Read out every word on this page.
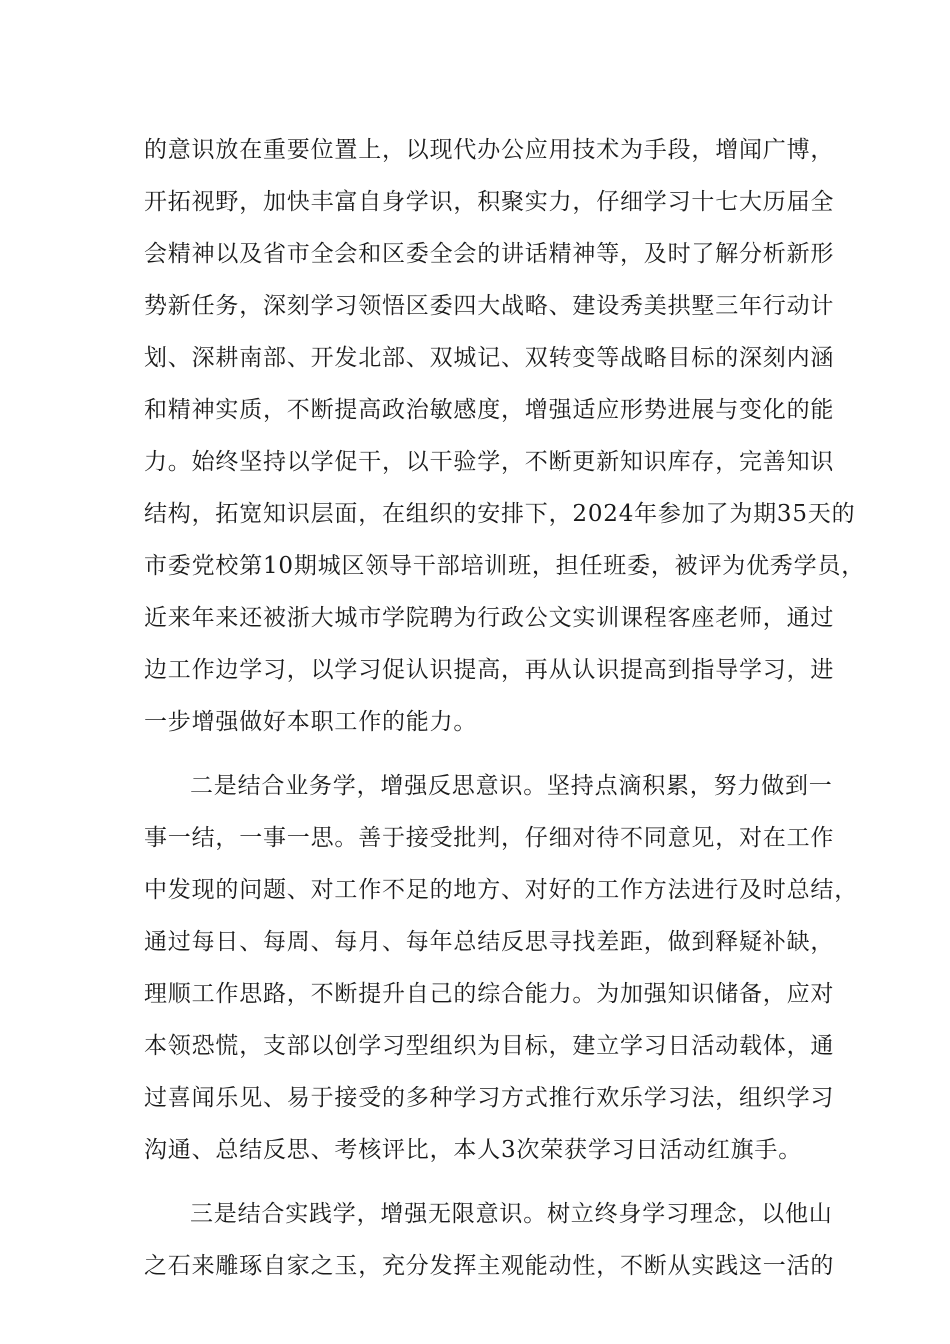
的意识放在重要位置上，以现代办公应用技术为手段，增闻广博，
开拓视野，加快丰富自身学识，积聚实力，仔细学习十七大历届全
会精神以及省市全会和区委全会的讲话精神等，及时了解分析新形
势新任务，深刻学习领悟区委四大战略、建设秀美拱墅三年行动计
划、深耕南部、开发北部、双城记、双转变等战略目标的深刻内涵
和精神实质，不断提高政治敏感度，增强适应形势进展与变化的能
力。始终坚持以学促干，以干验学，不断更新知识库存，完善知识
结构，拓宽知识层面，在组织的安排下，2024年参加了为期35天的
市委党校第10期城区领导干部培训班，担任班委，被评为优秀学员，
近来年来还被浙大城市学院聘为行政公文实训课程客座老师，通过
边工作边学习，以学习促认识提高，再从认识提高到指导学习，进
一步增强做好本职工作的能力。
二是结合业务学，增强反思意识。坚持点滴积累，努力做到一
事一结，一事一思。善于接受批判，仔细对待不同意见，对在工作
中发现的问题、对工作不足的地方、对好的工作方法进行及时总结，
通过每日、每周、每月、每年总结反思寻找差距，做到释疑补缺，
理顺工作思路，不断提升自己的综合能力。为加强知识储备，应对
本领恐慌，支部以创学习型组织为目标，建立学习日活动载体，通
过喜闻乐见、易于接受的多种学习方式推行欢乐学习法，组织学习
沟通、总结反思、考核评比，本人3次荣获学习日活动红旗手。
三是结合实践学，增强无限意识。树立终身学习理念，以他山
之石来雕琢自家之玉，充分发挥主观能动性，不断从实践这一活的
